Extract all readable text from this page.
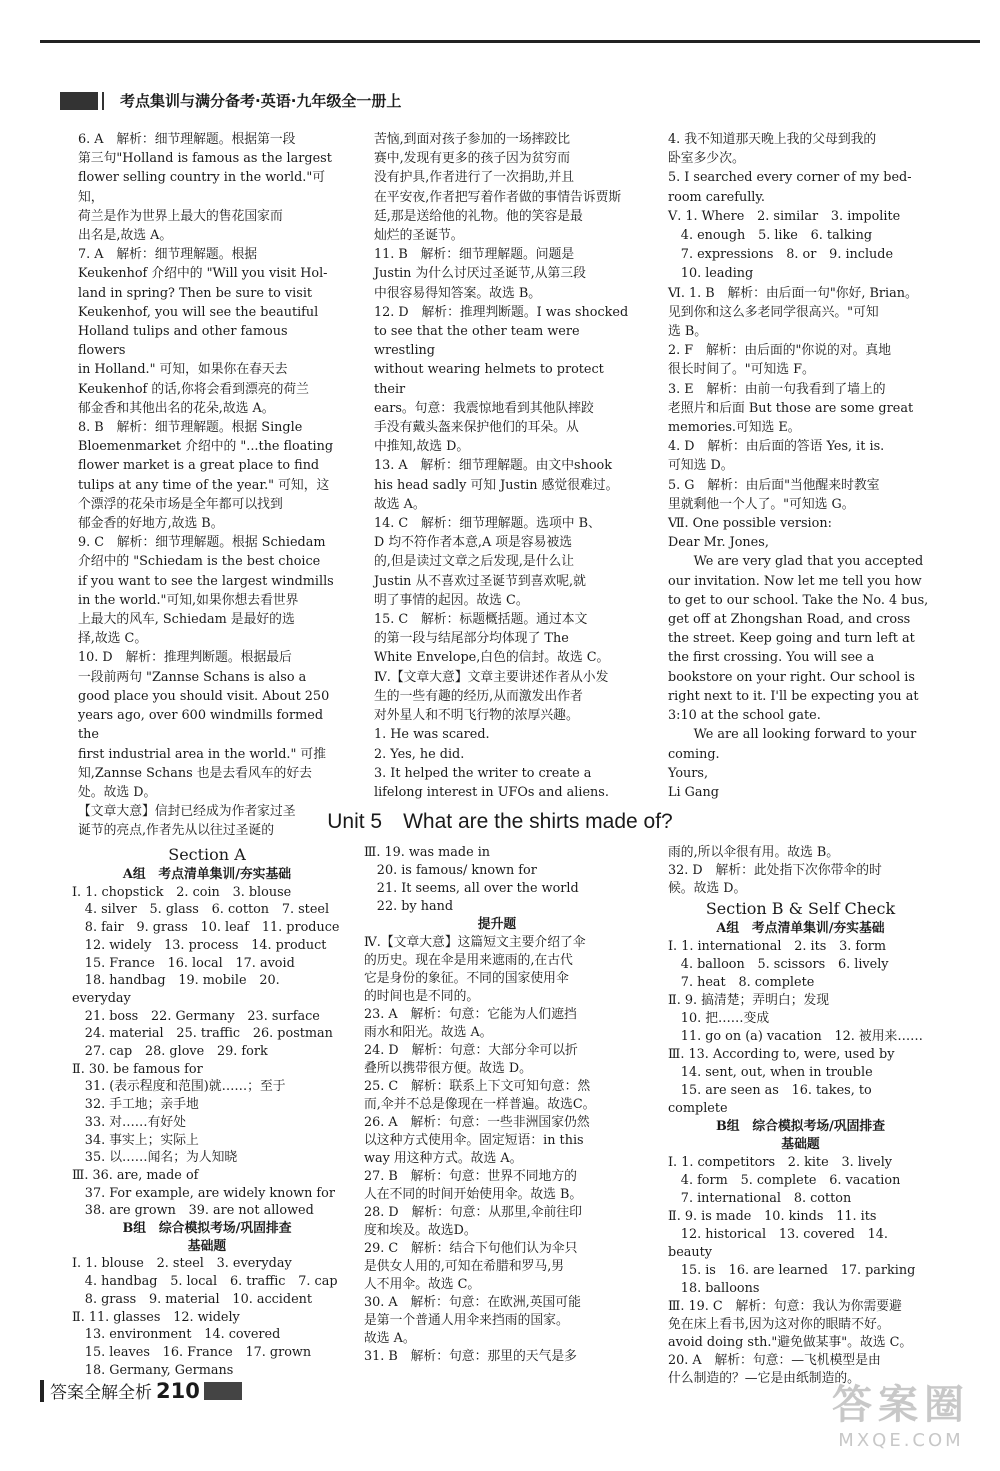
考点集训与满分备考·英语·九年级全一册上

6. A　解析：细节理解题。根据第一段

第三句"Holland is famous as the largest

flower selling country in the world."可知，

荷兰是作为世界上最大的售花国家而

出名是,故选 A。

7. A　解析：细节理解题。根据

Keukenhof 介绍中的 "Will you visit Hol-

land in spring? Then be sure to visit

Keukenhof, you will see the beautiful

Holland tulips and other famous flowers

in Holland." 可知，如果你在春天去

Keukenhof 的话,你将会看到漂亮的荷兰

郁金香和其他出名的花朵,故选 A。

8. B　解析：细节理解题。根据 Single

Bloemenmarket 介绍中的 "...the floating

flower market is a great place to find

tulips at any time of the year." 可知，这

个漂浮的花朵市场是全年都可以找到

郁金香的好地方,故选 B。

9. C　解析：细节理解题。根据 Schiedam

介绍中的 "Schiedam is the best choice

if you want to see the largest windmills

in the world."可知,如果你想去看世界

上最大的风车, Schiedam 是最好的选

择,故选 C。

10. D　解析：推理判断题。根据最后

一段前两句 "Zannse Schans is also a

good place you should visit. About 250

years ago, over 600 windmills formed the

first industrial area in the world." 可推

知,Zannse Schans 也是去看风车的好去

处。故选 D。

【文章大意】信封已经成为作者家过圣

诞节的亮点,作者先从以往过圣诞的

苦恼,到面对孩子参加的一场摔跤比

赛中,发现有更多的孩子因为贫穷而

没有护具,作者进行了一次捐助,并且

在平安夜,作者把写着作者做的事情告诉贾斯

廷,那是送给他的礼物。他的笑容是最

灿烂的圣诞节。

11. B　解析：细节理解题。问题是

Justin 为什么讨厌过圣诞节,从第三段

中很容易得知答案。故选 B。

12. D　解析：推理判断题。I was shocked

to see that the other team were wrestling

without wearing helmets to protect their

ears。句意：我震惊地看到其他队摔跤

手没有戴头盔来保护他们的耳朵。从

中推知,故选 D。

13. A　解析：细节理解题。由文中shook

his head sadly 可知 Justin 感觉很难过。

故选 A。

14. C　解析：细节理解题。选项中 B、

D 均不符作者本意,A 项是容易被选

的,但是读过文章之后发现,是什么让

Justin 从不喜欢过圣诞节到喜欢呢,就

明了事情的起因。故选 C。

15. C　解析：标题概括题。通过本文

的第一段与结尾部分均体现了 The

White Envelope,白色的信封。故选 C。

Ⅳ.【文章大意】文章主要讲述作者从小发

生的一些有趣的经历,从而激发出作者

对外星人和不明飞行物的浓厚兴趣。

1. He was scared.

2. Yes, he did.

3. It helped the writer to create a

lifelong interest in UFOs and aliens.

4. 我不知道那天晚上我的父母到我的

卧室多少次。

5. I searched every corner of my bed-

room carefully.

Ⅴ. 1. Where　2. similar　3. impolite

　4. enough　5. like　6. talking

　7. expressions　8. or　9. include

　10. leading

Ⅵ. 1. B　解析：由后面一句"你好, Brian。

见到你和这么多老同学很高兴。"可知

选 B。

2. F　解析：由后面的"你说的对。真地

很长时间了。"可知选 F。

3. E　解析：由前一句我看到了墙上的

老照片和后面 But those are some great

memories.可知选 E。

4. D　解析：由后面的答语 Yes, it is.

可知选 D。

5. G　解析：由后面"当他醒来时教室

里就剩他一个人了。"可知选 G。

Ⅶ. One possible version:

Dear Mr. Jones,

　　We are very glad that you accepted

our invitation. Now let me tell you how

to get to our school. Take the No. 4 bus,

get off at Zhongshan Road, and cross

the street. Keep going and turn left at

the first crossing. You will see a

bookstore on your right. Our school is

right next to it. I'll be expecting you at

3:10 at the school gate.

　　We are all looking forward to your

coming.

Yours,

Li Gang

Unit 5　What are the shirts made of?

Section A

A组　考点清单集训/夯实基础

Ⅰ. 1. chopstick　2. coin　3. blouse

　4. silver　5. glass　6. cotton　7. steel

　8. fair　9. grass　10. leaf　11. produce

　12. widely　13. process　14. product

　15. France　16. local　17. avoid

　18. handbag　19. mobile　20. everyday

　21. boss　22. Germany　23. surface

　24. material　25. traffic　26. postman

　27. cap　28. glove　29. fork

Ⅱ. 30. be famous for

　31. (表示程度和范围)就……；至于

　32. 手工地；亲手地

　33. 对……有好处

　34. 事实上；实际上

　35. 以……闻名；为人知晓

Ⅲ. 36. are, made of

　37. For example, are widely known for

　38. are grown　39. are not allowed

B组　综合模拟考场/巩固排查

基础题

Ⅰ. 1. blouse　2. steel　3. everyday

　4. handbag　5. local　6. traffic　7. cap

　8. grass　9. material　10. accident

Ⅱ. 11. glasses　12. widely

　13. environment　14. covered

　15. leaves　16. France　17. grown

　18. Germany, Germans

Ⅲ. 19. was made in

　20. is famous/ known for

　21. It seems, all over the world

　22. by hand

提升题

Ⅳ.【文章大意】这篇短文主要介绍了伞

的历史。现在伞是用来遮雨的,在古代

它是身份的象征。不同的国家使用伞

的时间也是不同的。

23. A　解析：句意：它能为人们遮挡

雨水和阳光。故选 A。

24. D　解析：句意：大部分伞可以折

叠所以携带很方便。故选 D。

25. C　解析：联系上下文可知句意：然

而,伞并不总是像现在一样普遍。故选C。

26. A　解析：句意：一些非洲国家仍然

以这种方式使用伞。固定短语：in this

way 用这种方式。故选 A。

27. B　解析：句意：世界不同地方的

人在不同的时间开始使用伞。故选 B。

28. D　解析：句意：从那里,伞前往印

度和埃及。故选D。

29. C　解析：结合下句他们认为伞只

是供女人用的,可知在希腊和罗马,男

人不用伞。故选 C。

30. A　解析：句意：在欧洲,英国可能

是第一个普通人用伞来挡雨的国家。

故选 A。

31. B　解析：句意：那里的天气是多

雨的,所以伞很有用。故选 B。

32. D　解析：此处指下次你带伞的时

候。故选 D。

Section B & Self Check

A组　考点清单集训/夯实基础

Ⅰ. 1. international　2. its　3. form

　4. balloon　5. scissors　6. lively

　7. heat　8. complete

Ⅱ. 9. 搞清楚；弄明白；发现

　10. 把……变成

　11. go on (a) vacation　12. 被用来……

Ⅲ. 13. According to, were, used by

　14. sent, out, when in trouble

　15. are seen as　16. takes, to complete

B组　综合模拟考场/巩固排查

基础题

Ⅰ. 1. competitors　2. kite　3. lively

　4. form　5. complete　6. vacation

　7. international　8. cotton

Ⅱ. 9. is made　10. kinds　11. its

　12. historical　13. covered　14. beauty

　15. is　16. are learned　17. parking

　18. balloons

Ⅲ. 19. C　解析：句意：我认为你需要避

免在床上看书,因为这对你的眼睛不好。

avoid doing sth."避免做某事"。故选 C。

20. A　解析：句意：—飞机模型是由

什么制造的？—它是由纸制造的。

答案全解全析 210	答案圈
MXQE.COM
